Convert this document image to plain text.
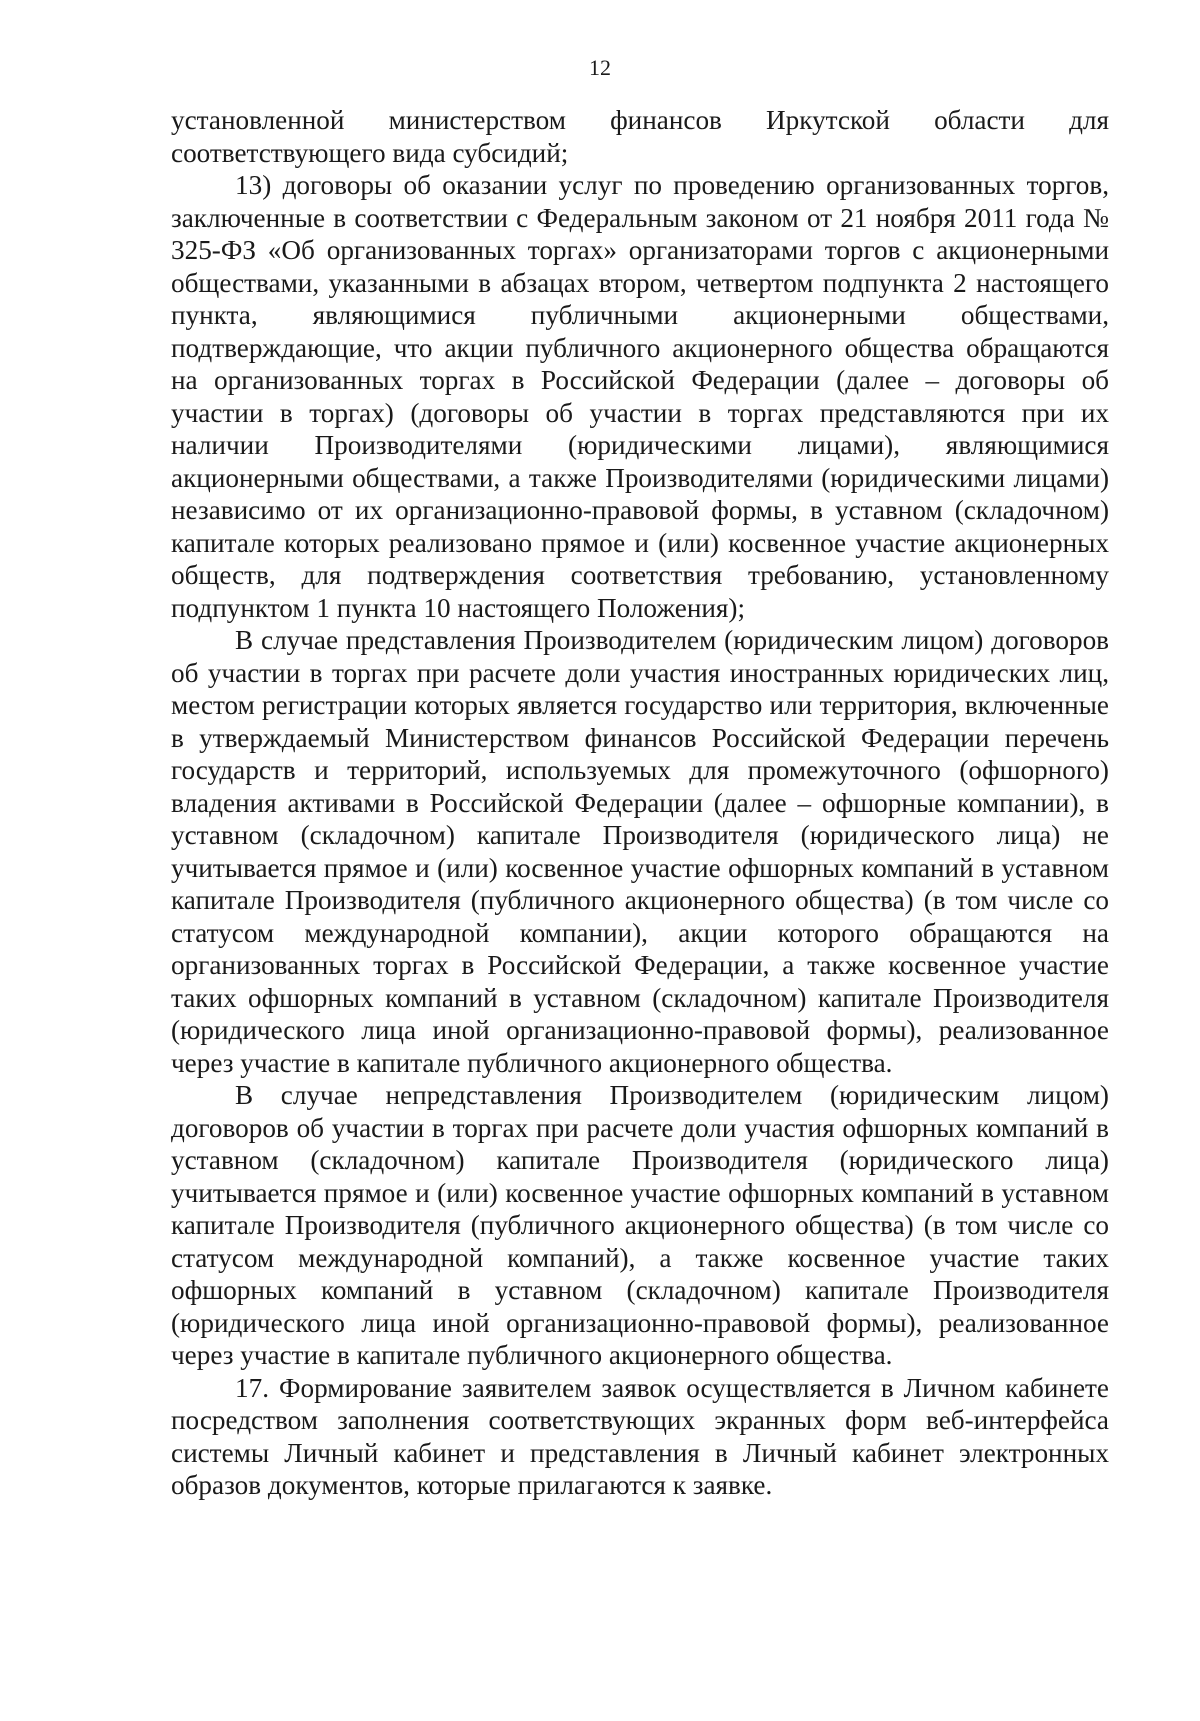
12

установленной министерством финансов Иркутской области для соответствующего вида субсидий;

13) договоры об оказании услуг по проведению организованных торгов, заключенные в соответствии с Федеральным законом от 21 ноября 2011 года № 325-ФЗ «Об организованных торгах» организаторами торгов с акционерными обществами, указанными в абзацах втором, четвертом подпункта 2 настоящего пункта, являющимися публичными акционерными обществами, подтверждающие, что акции публичного акционерного общества обращаются на организованных торгах в Российской Федерации (далее – договоры об участии в торгах) (договоры об участии в торгах представляются при их наличии Производителями (юридическими лицами), являющимися акционерными обществами, а также Производителями (юридическими лицами) независимо от их организационно-правовой формы, в уставном (складочном) капитале которых реализовано прямое и (или) косвенное участие акционерных обществ, для подтверждения соответствия требованию, установленному подпунктом 1 пункта 10 настоящего Положения);

В случае представления Производителем (юридическим лицом) договоров об участии в торгах при расчете доли участия иностранных юридических лиц, местом регистрации которых является государство или территория, включенные в утверждаемый Министерством финансов Российской Федерации перечень государств и территорий, используемых для промежуточного (офшорного) владения активами в Российской Федерации (далее – офшорные компании), в уставном (складочном) капитале Производителя (юридического лица) не учитывается прямое и (или) косвенное участие офшорных компаний в уставном капитале Производителя (публичного акционерного общества) (в том числе со статусом международной компании), акции которого обращаются на организованных торгах в Российской Федерации, а также косвенное участие таких офшорных компаний в уставном (складочном) капитале Производителя (юридического лица иной организационно-правовой формы), реализованное через участие в капитале публичного акционерного общества.

В случае непредставления Производителем (юридическим лицом) договоров об участии в торгах при расчете доли участия офшорных компаний в уставном (складочном) капитале Производителя (юридического лица) учитывается прямое и (или) косвенное участие офшорных компаний в уставном капитале Производителя (публичного акционерного общества) (в том числе со статусом международной компаний), а также косвенное участие таких офшорных компаний в уставном (складочном) капитале Производителя (юридического лица иной организационно-правовой формы), реализованное через участие в капитале публичного акционерного общества.

17. Формирование заявителем заявок осуществляется в Личном кабинете посредством заполнения соответствующих экранных форм веб-интерфейса системы Личный кабинет и представления в Личный кабинет электронных образов документов, которые прилагаются к заявке.
